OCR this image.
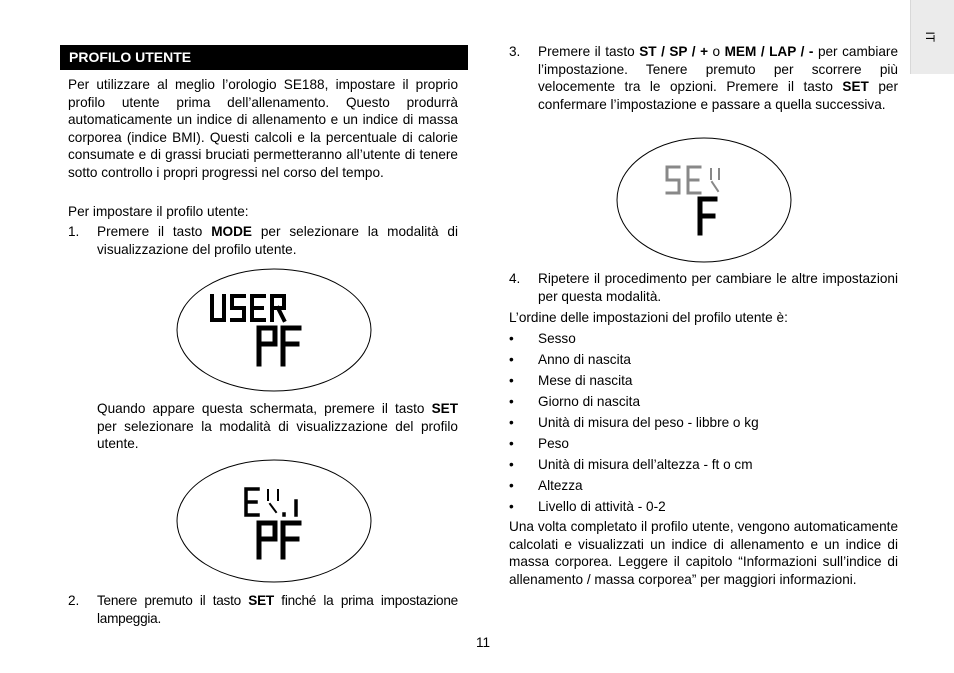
IT
PROFILO UTENTE
Per utilizzare al meglio l’orologio SE188, impostare il proprio profilo utente prima dell’allenamento. Questo produrrà automaticamente un indice di allenamento e un indice di massa corporea (indice BMI). Questi calcoli e la percentuale di calorie consumate e di grassi bruciati permetteranno all’utente di tenere sotto controllo i propri progressi nel corso del tempo.
Per impostare il profilo utente:
1. Premere il tasto MODE per selezionare la modalità di visualizzazione del profilo utente.
Quando appare questa schermata, premere il tasto SET per selezionare la modalità di visualizzazione del profilo utente.
2. Tenere premuto il tasto SET finché la prima impostazione lampeggia.
3. Premere il tasto ST / SP / + o MEM / LAP / - per cambiare l’impostazione. Tenere premuto per scorrere più velocemente tra le opzioni. Premere il tasto SET per confermare l’impostazione e passare a quella successiva.
4. Ripetere il procedimento per cambiare le altre impostazioni per questa modalità.
L’ordine delle impostazioni del profilo utente è:
• Sesso
• Anno di nascita
• Mese di nascita
• Giorno di nascita
• Unità di misura del peso - libbre o kg
• Peso
• Unità di misura dell’altezza - ft o cm
• Altezza
• Livello di attività - 0-2
Una volta completato il profilo utente, vengono automaticamente calcolati e visualizzati un indice di allenamento e un indice di massa corporea. Leggere il capitolo “Informazioni sull’indice di allenamento / massa corporea” per maggiori informazioni.
11
